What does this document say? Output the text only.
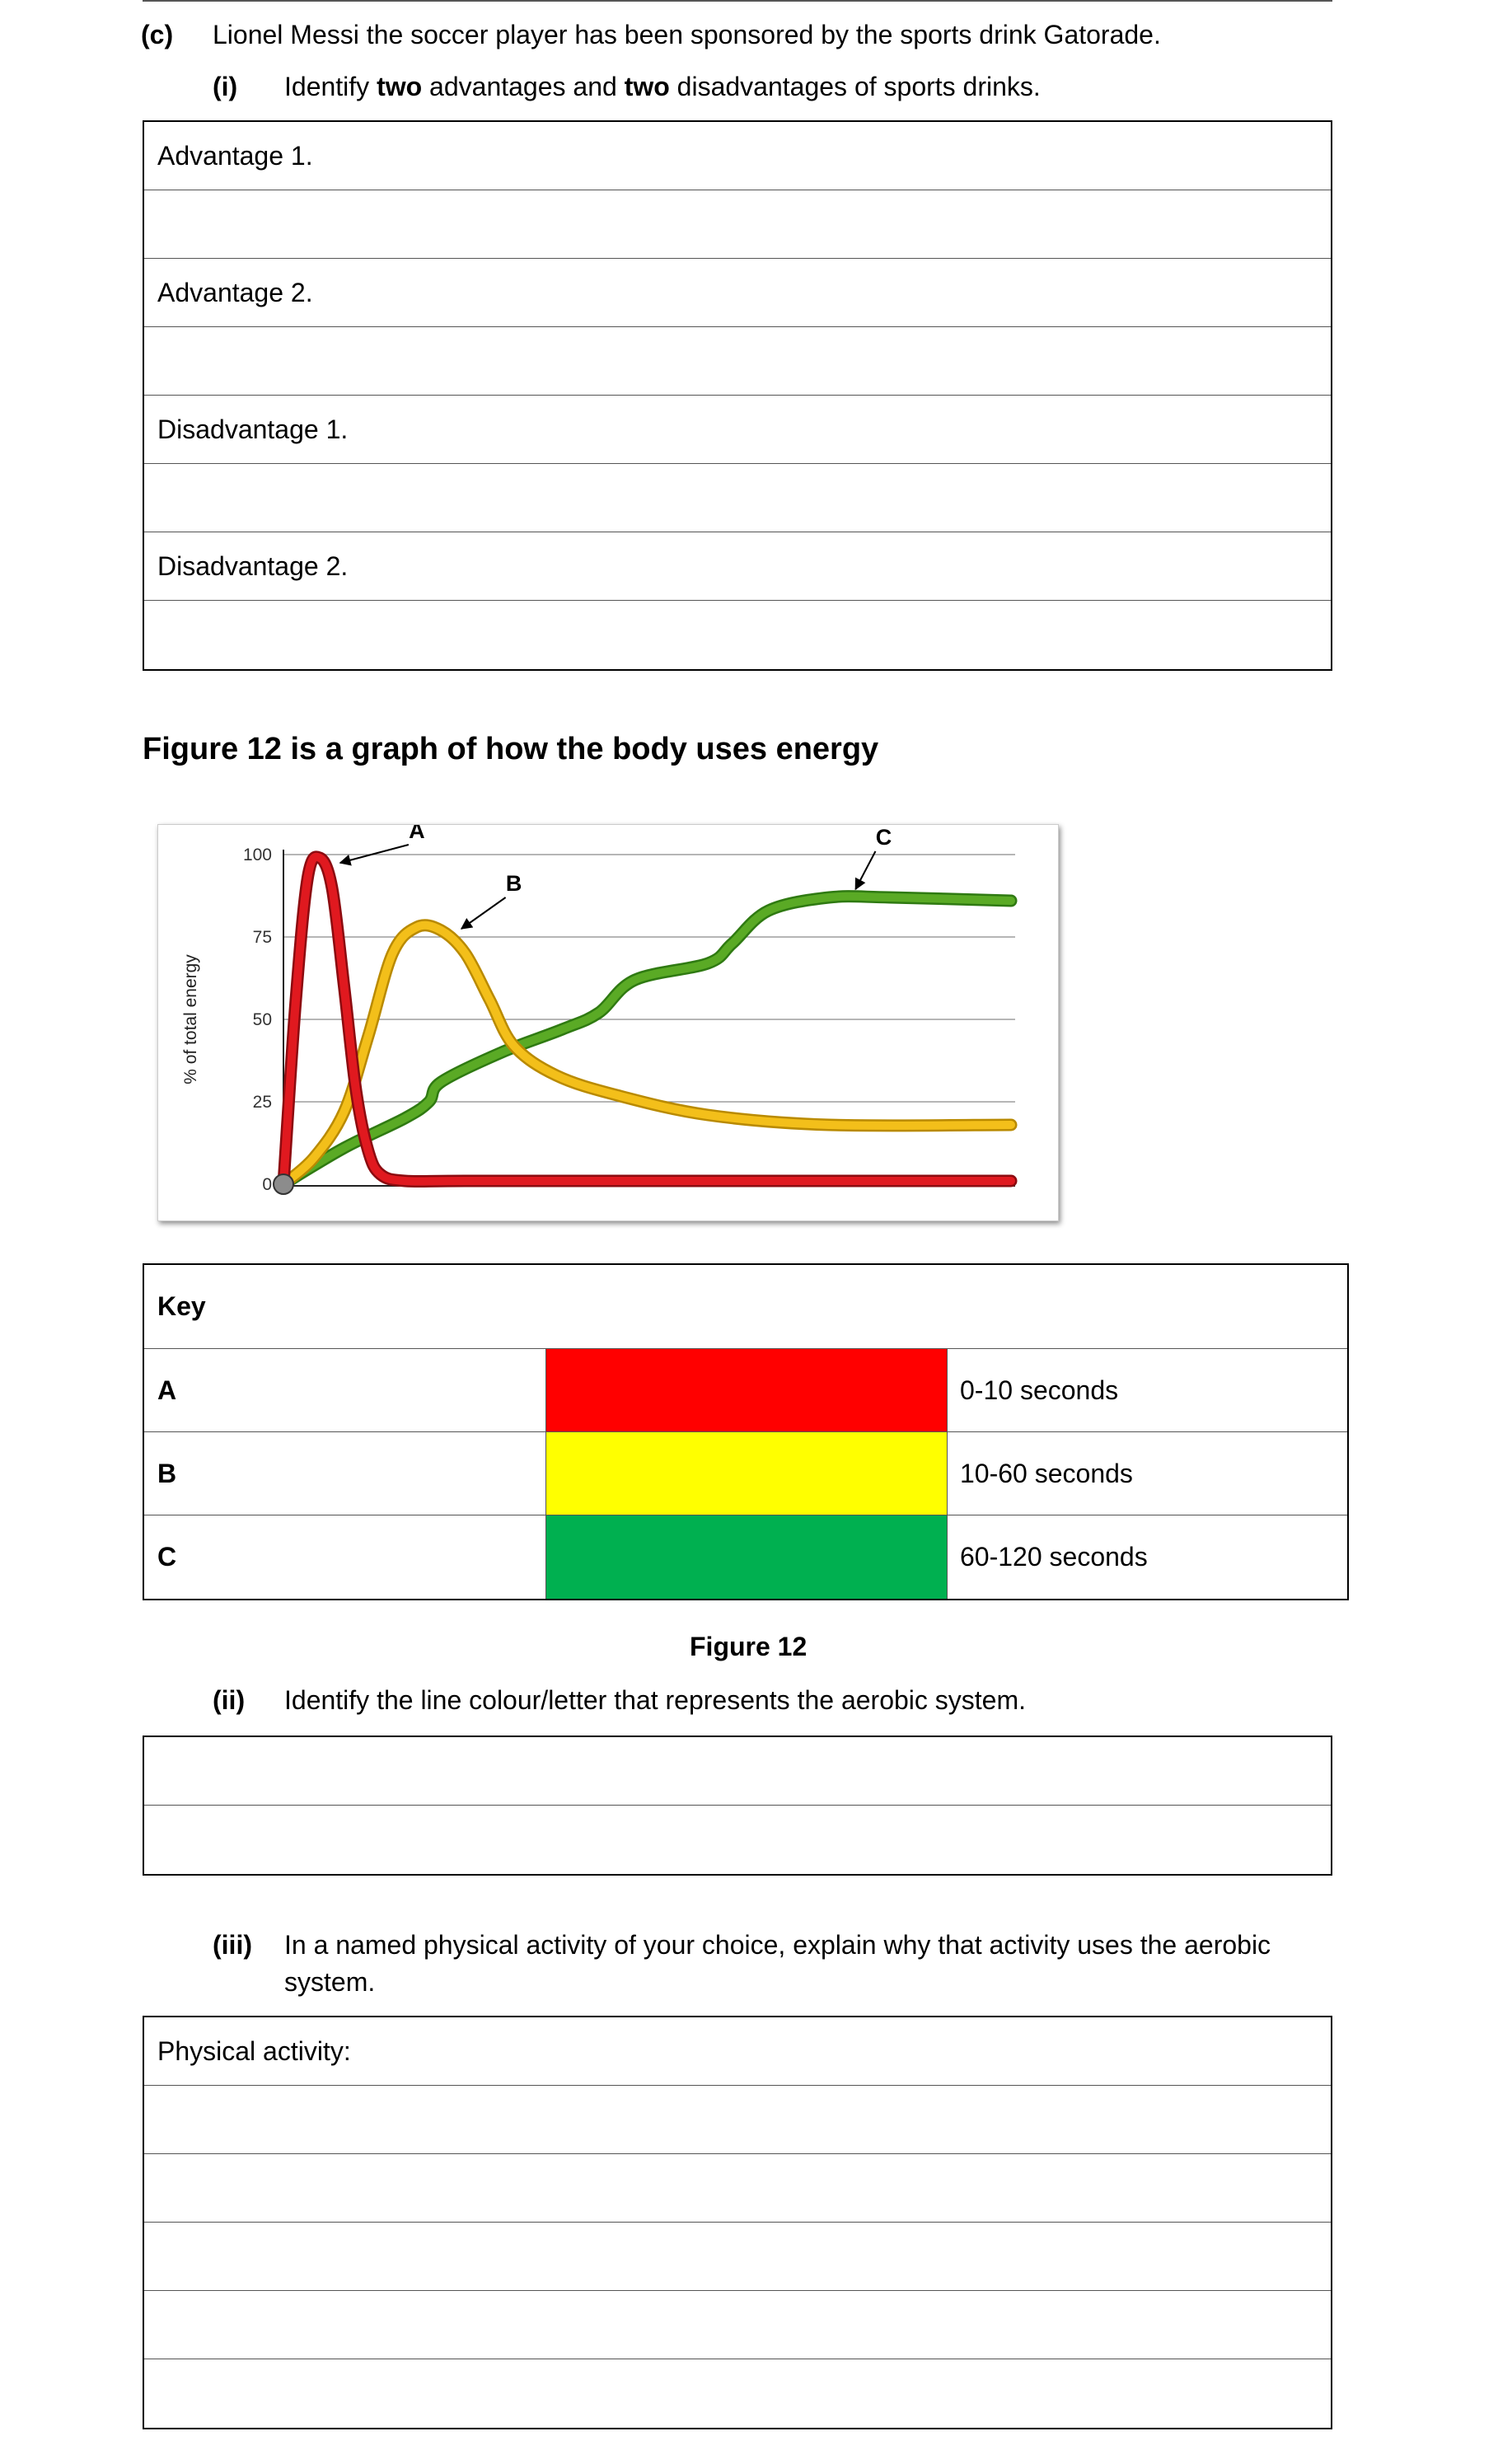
(c) Lionel Messi the soccer player has been sponsored by the sports drink Gatorade.
(i) Identify two advantages and two disadvantages of sports drinks.
Advantage 1.
Advantage 2.
Disadvantage 1.
Disadvantage 2.
Figure 12 is a graph of how the body uses energy
100
75
50
25
0
% of total energy
A
B
C
Key
A	0-10 seconds
B	10-60 seconds
C	60-120 seconds
Figure 12
(ii) Identify the line colour/letter that represents the aerobic system.
(iii) In a named physical activity of your choice, explain why that activity uses the aerobic
system.
Physical activity:
